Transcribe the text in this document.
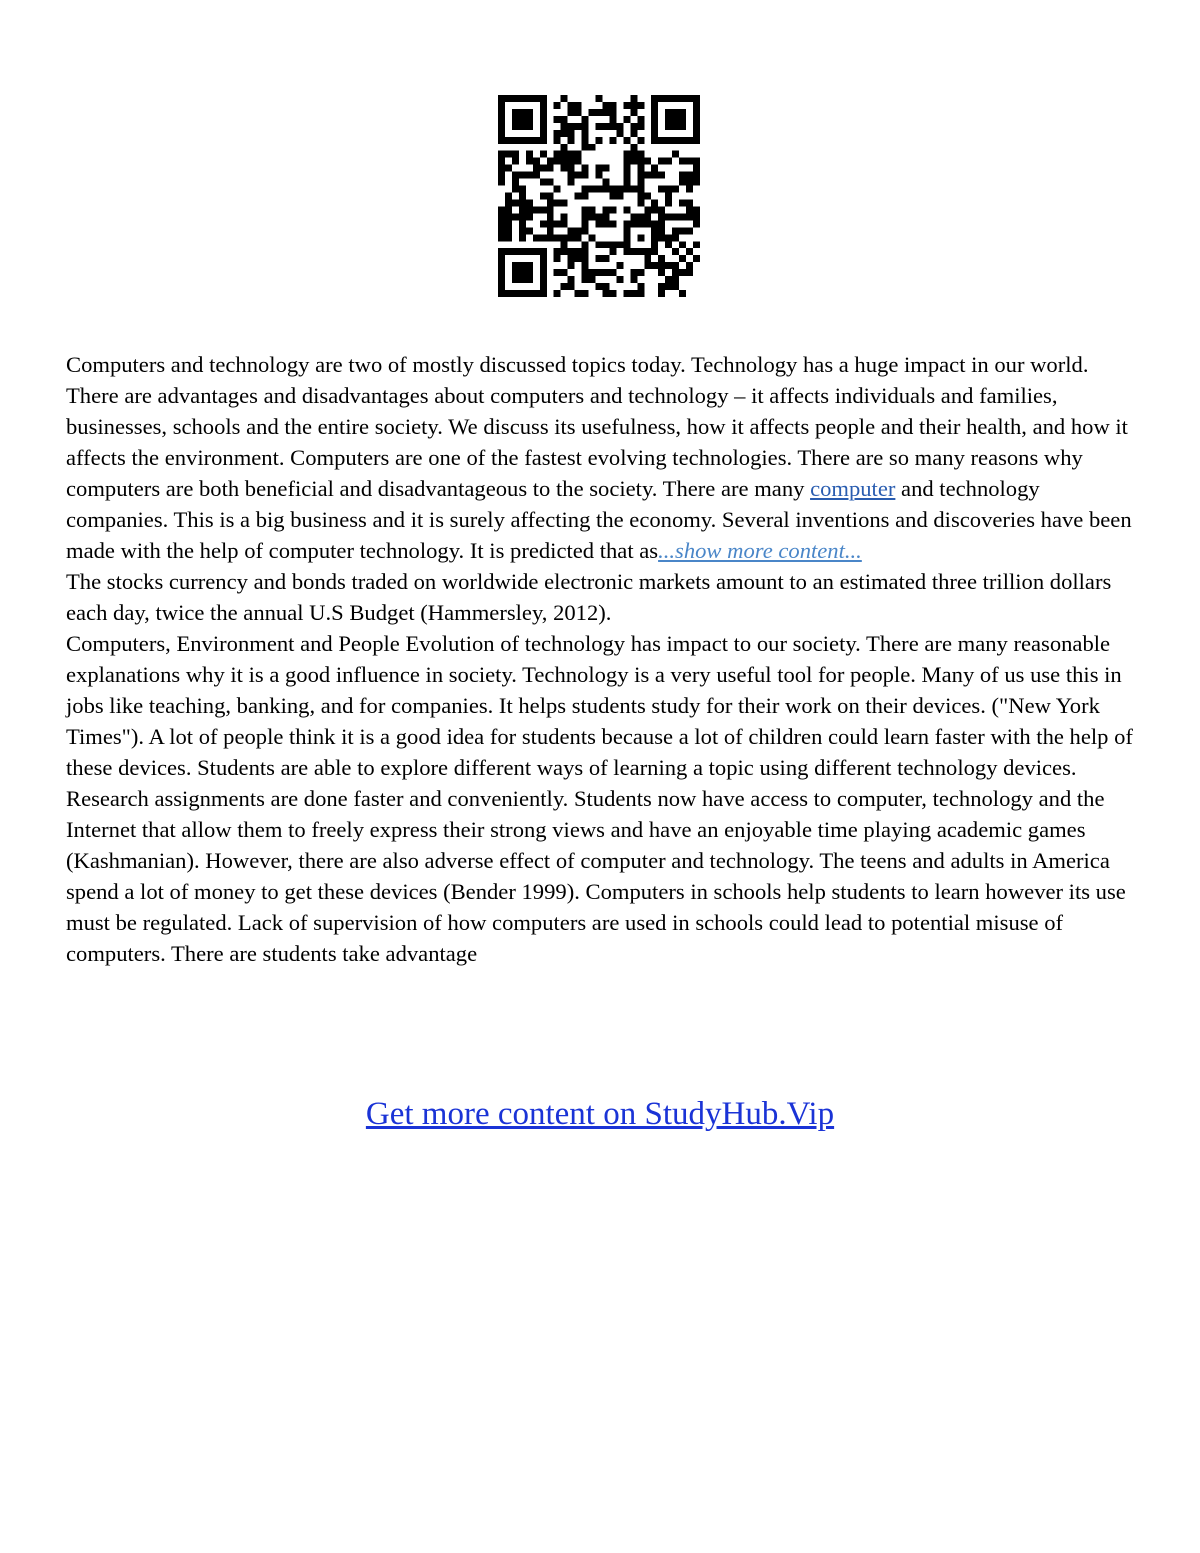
Computers and technology are two of mostly discussed topics today. Technology has a huge impact in our world. There are advantages and disadvantages about computers and technology – it affects individuals and families, businesses, schools and the entire society. We discuss its usefulness, how it affects people and their health, and how it affects the environment. Computers are one of the fastest evolving technologies. There are so many reasons why computers are both beneficial and disadvantageous to the society. There are many computer and technology companies. This is a big business and it is surely affecting the economy. Several inventions and discoveries have been made with the help of computer technology. It is predicted that as...show more content...

The stocks currency and bonds traded on worldwide electronic markets amount to an estimated three trillion dollars each day, twice the annual U.S Budget (Hammersley, 2012).

Computers, Environment and People Evolution of technology has impact to our society. There are many reasonable explanations why it is a good influence in society. Technology is a very useful tool for people. Many of us use this in jobs like teaching, banking, and for companies. It helps students study for their work on their devices. ("New York Times"). A lot of people think it is a good idea for students because a lot of children could learn faster with the help of these devices. Students are able to explore different ways of learning a topic using different technology devices. Research assignments are done faster and conveniently. Students now have access to computer, technology and the Internet that allow them to freely express their strong views and have an enjoyable time playing academic games (Kashmanian). However, there are also adverse effect of computer and technology. The teens and adults in America spend a lot of money to get these devices (Bender 1999). Computers in schools help students to learn however its use must be regulated. Lack of supervision of how computers are used in schools could lead to potential misuse of computers. There are students take advantage

Get more content on StudyHub.Vip
